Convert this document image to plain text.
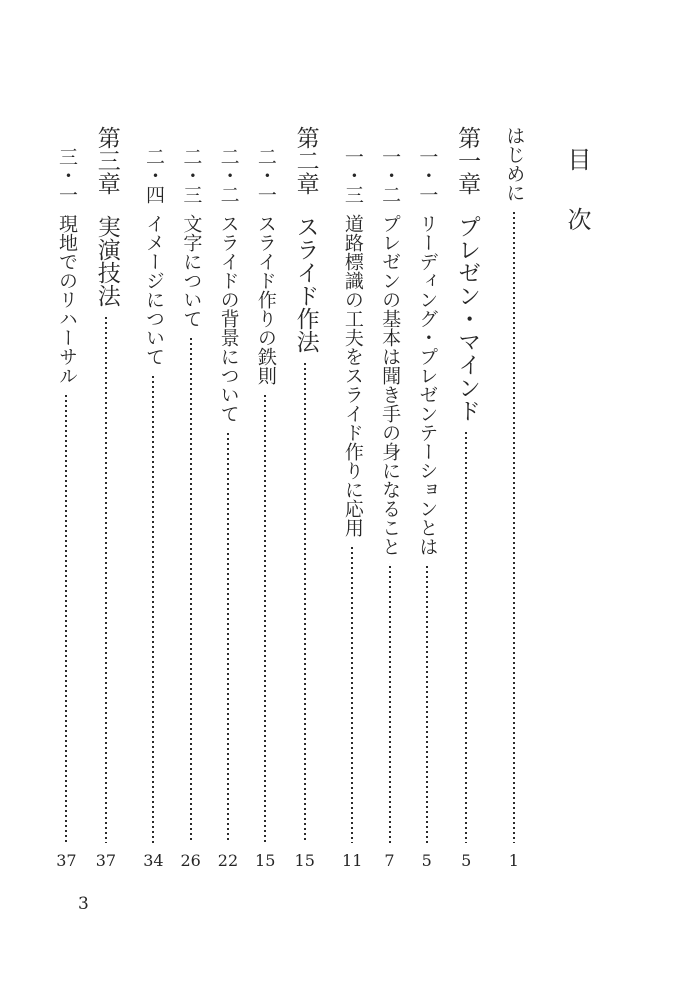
目　次
はじめに
1
第一章
プレゼン・マインド
5
一・一
リーディング・プレゼンテーションとは
5
一・二
プレゼンの基本は聞き手の身になること
7
一・三
道路標識の工夫をスライド作りに応用
11
第二章
スライド作法
15
二・一
スライド作りの鉄則
15
二・二
スライドの背景について
22
二・三
文字について
26
二・四
イメージについて
34
第三章
実演技法
37
三・一
現地でのリハーサル
37
3
